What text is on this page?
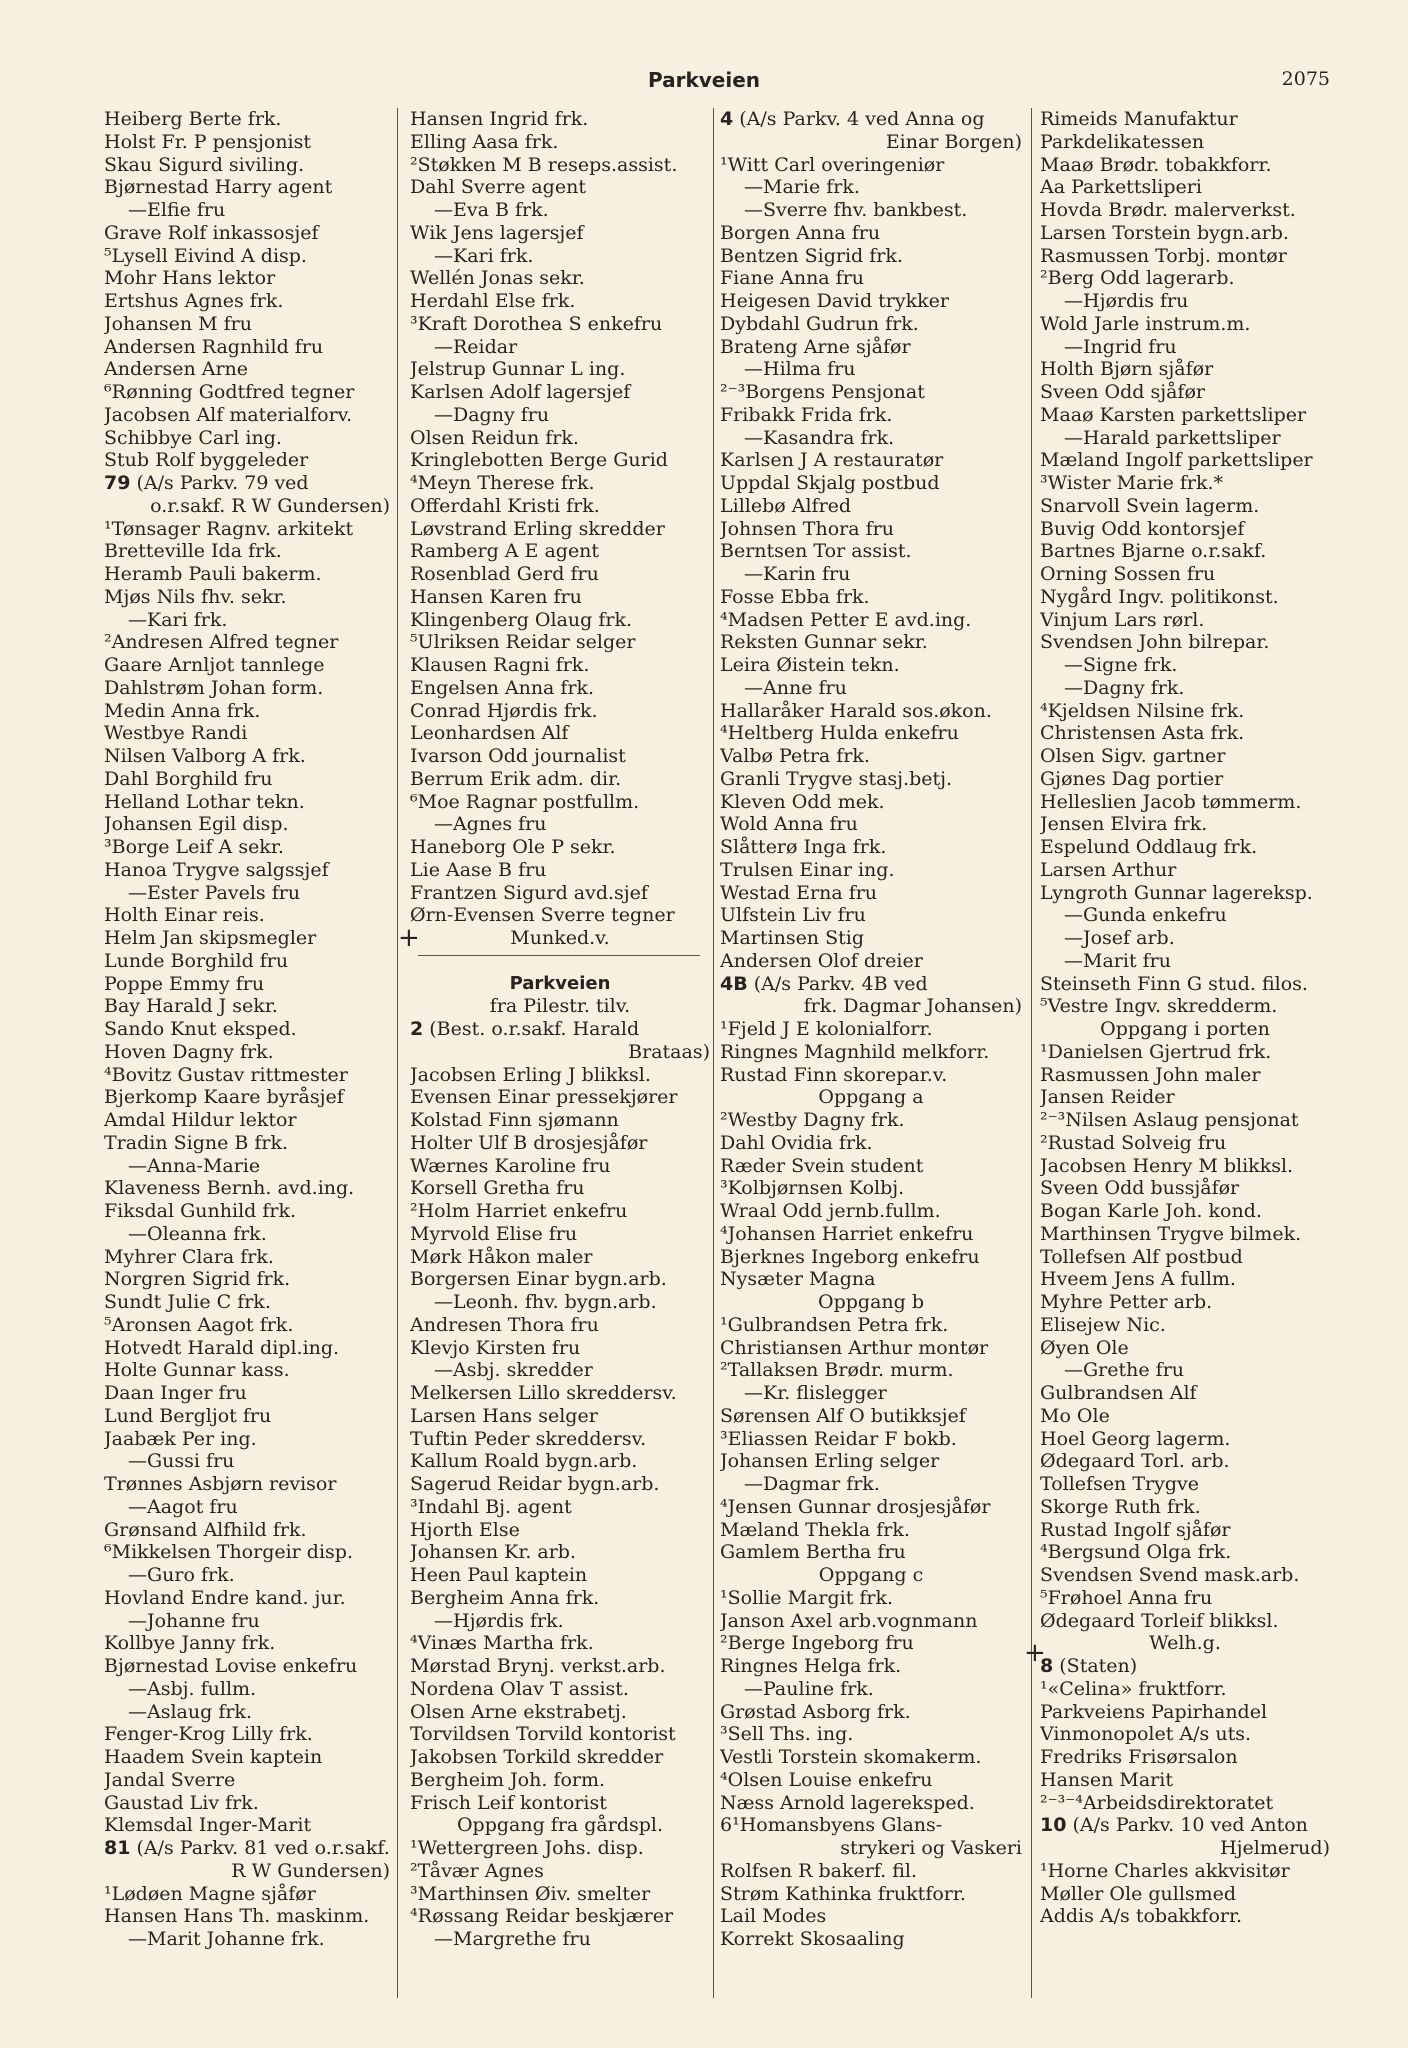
Parkveien	2075
+
+
Heiberg Berte frk.
Holst Fr. P pensjonist
Skau Sigurd siviling.
Bjørnestad Harry agent
—Elfie fru
Grave Rolf inkassosjef
⁵Lysell Eivind A disp.
Mohr Hans lektor
Ertshus Agnes frk.
Johansen M fru
Andersen Ragnhild fru
Andersen Arne
⁶Rønning Godtfred tegner
Jacobsen Alf materialforv.
Schibbye Carl ing.
Stub Rolf byggeleder
79 (A/s Parkv. 79 ved
o.r.sakf. R W Gundersen)
¹Tønsager Ragnv. arkitekt
Bretteville Ida frk.
Heramb Pauli bakerm.
Mjøs Nils fhv. sekr.
—Kari frk.
²Andresen Alfred tegner
Gaare Arnljot tannlege
Dahlstrøm Johan form.
Medin Anna frk.
Westbye Randi
Nilsen Valborg A frk.
Dahl Borghild fru
Helland Lothar tekn.
Johansen Egil disp.
³Borge Leif A sekr.
Hanoa Trygve salgssjef
—Ester Pavels fru
Holth Einar reis.
Helm Jan skipsmegler
Lunde Borghild fru
Poppe Emmy fru
Bay Harald J sekr.
Sando Knut eksped.
Hoven Dagny frk.
⁴Bovitz Gustav rittmester
Bjerkomp Kaare byråsjef
Amdal Hildur lektor
Tradin Signe B frk.
—Anna-Marie
Klaveness Bernh. avd.ing.
Fiksdal Gunhild frk.
—Oleanna frk.
Myhrer Clara frk.
Norgren Sigrid frk.
Sundt Julie C frk.
⁵Aronsen Aagot frk.
Hotvedt Harald dipl.ing.
Holte Gunnar kass.
Daan Inger fru
Lund Bergljot fru
Jaabæk Per ing.
—Gussi fru
Trønnes Asbjørn revisor
—Aagot fru
Grønsand Alfhild frk.
⁶Mikkelsen Thorgeir disp.
—Guro frk.
Hovland Endre kand. jur.
—Johanne fru
Kollbye Janny frk.
Bjørnestad Lovise enkefru
—Asbj. fullm.
—Aslaug frk.
Fenger-Krog Lilly frk.
Haadem Svein kaptein
Jandal Sverre
Gaustad Liv frk.
Klemsdal Inger-Marit
81 (A/s Parkv. 81 ved o.r.sakf.
R W Gundersen)
¹Lødøen Magne sjåfør
Hansen Hans Th. maskinm.
—Marit Johanne frk.
Hansen Ingrid frk.
Elling Aasa frk.
²Støkken M B reseps.assist.
Dahl Sverre agent
—Eva B frk.
Wik Jens lagersjef
—Kari frk.
Wellén Jonas sekr.
Herdahl Else frk.
³Kraft Dorothea S enkefru
—Reidar
Jelstrup Gunnar L ing.
Karlsen Adolf lagersjef
—Dagny fru
Olsen Reidun frk.
Kringlebotten Berge Gurid
⁴Meyn Therese frk.
Offerdahl Kristi frk.
Løvstrand Erling skredder
Ramberg A E agent
Rosenblad Gerd fru
Hansen Karen fru
Klingenberg Olaug frk.
⁵Ulriksen Reidar selger
Klausen Ragni frk.
Engelsen Anna frk.
Conrad Hjørdis frk.
Leonhardsen Alf
Ivarson Odd journalist
Berrum Erik adm. dir.
⁶Moe Ragnar postfullm.
—Agnes fru
Haneborg Ole P sekr.
Lie Aase B fru
Frantzen Sigurd avd.sjef
Ørn-Evensen Sverre tegner
Munked.v.
Parkveien
fra Pilestr. tilv.
2 (Best. o.r.sakf. Harald
Brataas)
Jacobsen Erling J blikksl.
Evensen Einar pressekjører
Kolstad Finn sjømann
Holter Ulf B drosjesjåfør
Wærnes Karoline fru
Korsell Gretha fru
²Holm Harriet enkefru
Myrvold Elise fru
Mørk Håkon maler
Borgersen Einar bygn.arb.
—Leonh. fhv. bygn.arb.
Andresen Thora fru
Klevjo Kirsten fru
—Asbj. skredder
Melkersen Lillo skreddersv.
Larsen Hans selger
Tuftin Peder skreddersv.
Kallum Roald bygn.arb.
Sagerud Reidar bygn.arb.
³Indahl Bj. agent
Hjorth Else
Johansen Kr. arb.
Heen Paul kaptein
Bergheim Anna frk.
—Hjørdis frk.
⁴Vinæs Martha frk.
Mørstad Brynj. verkst.arb.
Nordena Olav T assist.
Olsen Arne ekstrabetj.
Torvildsen Torvild kontorist
Jakobsen Torkild skredder
Bergheim Joh. form.
Frisch Leif kontorist
Oppgang fra gårdspl.
¹Wettergreen Johs. disp.
²Tåvær Agnes
³Marthinsen Øiv. smelter
⁴Røssang Reidar beskjærer
—Margrethe fru
4 (A/s Parkv. 4 ved Anna og
Einar Borgen)
¹Witt Carl overingeniør
—Marie frk.
—Sverre fhv. bankbest.
Borgen Anna fru
Bentzen Sigrid frk.
Fiane Anna fru
Heigesen David trykker
Dybdahl Gudrun frk.
Brateng Arne sjåfør
—Hilma fru
²⁻³Borgens Pensjonat
Fribakk Frida frk.
—Kasandra frk.
Karlsen J A restauratør
Uppdal Skjalg postbud
Lillebø Alfred
Johnsen Thora fru
Berntsen Tor assist.
—Karin fru
Fosse Ebba frk.
⁴Madsen Petter E avd.ing.
Reksten Gunnar sekr.
Leira Øistein tekn.
—Anne fru
Hallaråker Harald sos.økon.
⁴Heltberg Hulda enkefru
Valbø Petra frk.
Granli Trygve stasj.betj.
Kleven Odd mek.
Wold Anna fru
Slåtterø Inga frk.
Trulsen Einar ing.
Westad Erna fru
Ulfstein Liv fru
Martinsen Stig
Andersen Olof dreier
4B (A/s Parkv. 4B ved
frk. Dagmar Johansen)
¹Fjeld J E kolonialforr.
Ringnes Magnhild melkforr.
Rustad Finn skorepar.v.
Oppgang a
²Westby Dagny frk.
Dahl Ovidia frk.
Ræder Svein student
³Kolbjørnsen Kolbj.
Wraal Odd jernb.fullm.
⁴Johansen Harriet enkefru
Bjerknes Ingeborg enkefru
Nysæter Magna
Oppgang b
¹Gulbrandsen Petra frk.
Christiansen Arthur montør
²Tallaksen Brødr. murm.
—Kr. flislegger
Sørensen Alf O butikksjef
³Eliassen Reidar F bokb.
Johansen Erling selger
—Dagmar frk.
⁴Jensen Gunnar drosjesjåfør
Mæland Thekla frk.
Gamlem Bertha fru
Oppgang c
¹Sollie Margit frk.
Janson Axel arb.vognmann
²Berge Ingeborg fru
Ringnes Helga frk.
—Pauline frk.
Grøstad Asborg frk.
³Sell Ths. ing.
Vestli Torstein skomakerm.
⁴Olsen Louise enkefru
Næss Arnold lagereksped.
6¹Homansbyens Glans-
strykeri og Vaskeri
Rolfsen R bakerf. fil.
Strøm Kathinka fruktforr.
Lail Modes
Korrekt Skosaaling
Rimeids Manufaktur
Parkdelikatessen
Maaø Brødr. tobakkforr.
Aa Parkettsliperi
Hovda Brødr. malerverkst.
Larsen Torstein bygn.arb.
Rasmussen Torbj. montør
²Berg Odd lagerarb.
—Hjørdis fru
Wold Jarle instrum.m.
—Ingrid fru
Holth Bjørn sjåfør
Sveen Odd sjåfør
Maaø Karsten parkettsliper
—Harald parkettsliper
Mæland Ingolf parkettsliper
³Wister Marie frk.*
Snarvoll Svein lagerm.
Buvig Odd kontorsjef
Bartnes Bjarne o.r.sakf.
Orning Sossen fru
Nygård Ingv. politikonst.
Vinjum Lars rørl.
Svendsen John bilrepar.
—Signe frk.
—Dagny frk.
⁴Kjeldsen Nilsine frk.
Christensen Asta frk.
Olsen Sigv. gartner
Gjønes Dag portier
Helleslien Jacob tømmerm.
Jensen Elvira frk.
Espelund Oddlaug frk.
Larsen Arthur
Lyngroth Gunnar lagereksp.
—Gunda enkefru
—Josef arb.
—Marit fru
Steinseth Finn G stud. filos.
⁵Vestre Ingv. skredderm.
Oppgang i porten
¹Danielsen Gjertrud frk.
Rasmussen John maler
Jansen Reider
²⁻³Nilsen Aslaug pensjonat
²Rustad Solveig fru
Jacobsen Henry M blikksl.
Sveen Odd bussjåfør
Bogan Karle Joh. kond.
Marthinsen Trygve bilmek.
Tollefsen Alf postbud
Hveem Jens A fullm.
Myhre Petter arb.
Elisejew Nic.
Øyen Ole
—Grethe fru
Gulbrandsen Alf
Mo Ole
Hoel Georg lagerm.
Ødegaard Torl. arb.
Tollefsen Trygve
Skorge Ruth frk.
Rustad Ingolf sjåfør
⁴Bergsund Olga frk.
Svendsen Svend mask.arb.
⁵Frøhoel Anna fru
Ødegaard Torleif blikksl.
Welh.g.
8 (Staten)
¹«Celina» fruktforr.
Parkveiens Papirhandel
Vinmonopolet A/s uts.
Fredriks Frisørsalon
Hansen Marit
²⁻³⁻⁴Arbeidsdirektoratet
10 (A/s Parkv. 10 ved Anton
Hjelmerud)
¹Horne Charles akkvisitør
Møller Ole gullsmed
Addis A/s tobakkforr.
